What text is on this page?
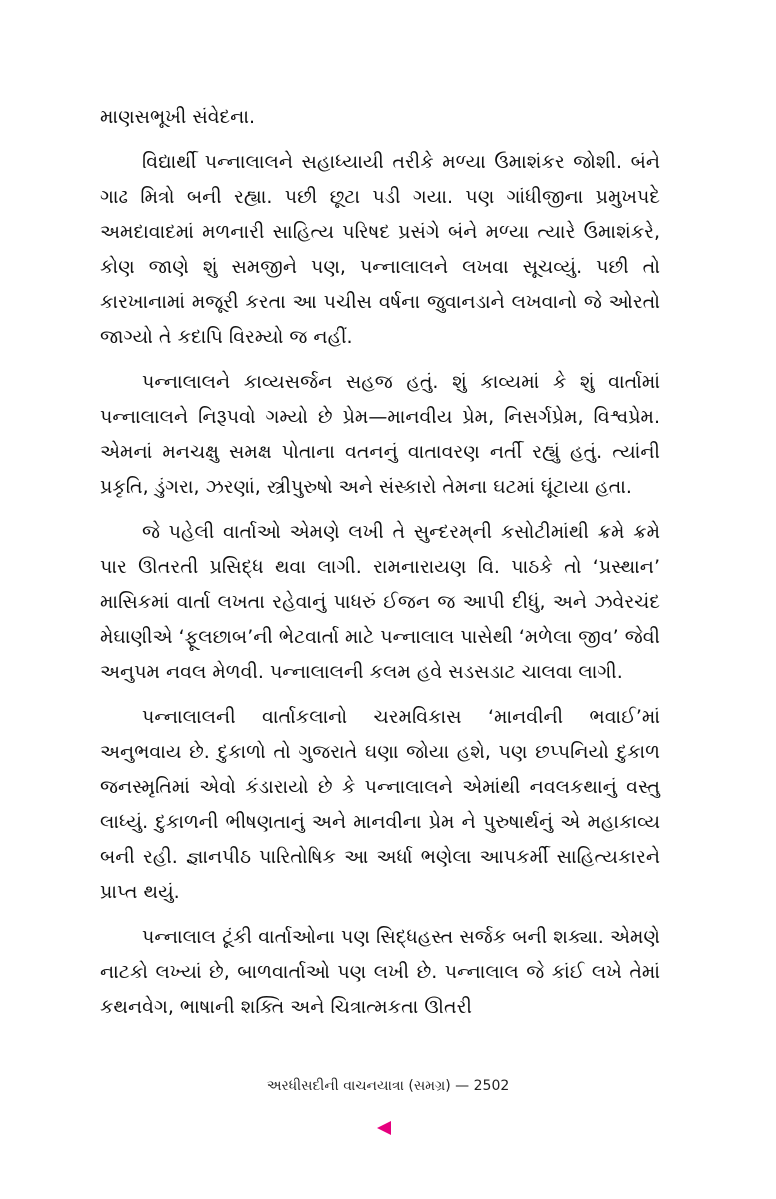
માણસભૂખી સંવેદના.

વિદ્યાર્થી પન્નાલાલને સહાધ્યાયી તરીકે મળ્યા ઉમાશંકર જોશી. બંને ગાઢ મિત્રો બની રહ્યા. પછી છૂટા પડી ગયા. પણ ગાંધીજીના પ્રમુખપદે અમદાવાદમાં મળનારી સાહિત્ય પરિષદ પ્રસંગે બંને મળ્યા ત્યારે ઉમાશંકરે, કોણ જાણે શું સમજીને પણ, પન્નાલાલને લખવા સૂચવ્યું. પછી તો કારખાનામાં મજૂરી કરતા આ પચીસ વર્ષના જુવાનડાને લખવાનો જે ઓરતો જાગ્યો તે કદાપિ વિરમ્યો જ નહીં.

પન્નાલાલને કાવ્યસર્જન સહજ હતું. શું કાવ્યમાં કે શું વાર્તામાં પન્નાલાલને નિરૂપવો ગમ્યો છે પ્રેમ—માનવીય પ્રેમ, નિસર્ગપ્રેમ, વિશ્વપ્રેમ. એમનાં મનચક્ષુ સમક્ષ પોતાના વતનનું વાતાવરણ નર્તી રહ્યું હતું. ત્યાંની પ્રકૃતિ, ડુંગરા, ઝરણાં, સ્ત્રીપુરુષો અને સંસ્કારો તેમના ઘટમાં ઘૂંટાયા હતા.

જે પહેલી વાર્તાઓ એમણે લખી તે સુન્દરમ્‌ની કસોટીમાંથી ક્રમે ક્રમે પાર ઊતરતી પ્રસિદ્ધ થવા લાગી. રામનારાયણ વિ. પાઠકે તો ‘પ્રસ્થાન’ માસિકમાં વાર્તા લખતા રહેવાનું પાધરું ઈજન જ આપી દીધું, અને ઝવેરચંદ મેઘાણીએ ‘ફૂલછાબ’ની ભેટવાર્તા માટે પન્નાલાલ પાસેથી ‘મળેલા જીવ’ જેવી અનુપમ નવલ મેળવી. પન્નાલાલની કલમ હવે સડસડાટ ચાલવા લાગી.

પન્નાલાલની વાર્તાકલાનો ચરમવિકાસ ‘માનવીની ભવાઈ’માં અનુભવાય છે. દુકાળો તો ગુજરાતે ઘણા જોયા હશે, પણ છપ્પનિયો દુકાળ જનસ્મૃતિમાં એવો કંડારાયો છે કે પન્નાલાલને એમાંથી નવલકથાનું વસ્તુ લાધ્યું. દુકાળની ભીષણતાનું અને માનવીના પ્રેમ ને પુરુષાર્થનું એ મહાકાવ્ય બની રહી. જ્ઞાનપીઠ પારિતોષિક આ અર્ધા ભણેલા આપકર્મી સાહિત્યકારને પ્રાપ્ત થયું.

પન્નાલાલ ટૂંકી વાર્તાઓના પણ સિદ્ધહસ્ત સર્જક બની શક્યા. એમણે નાટકો લખ્યાં છે, બાળવાર્તાઓ પણ લખી છે. પન્નાલાલ જે કાંઈ લખે તેમાં કથનવેગ, ભાષાની શક્તિ અને ચિત્રાત્મકતા ઊતરી

અરધીસદીની વાચનયાત્રા (સમગ્ર) — 2502
